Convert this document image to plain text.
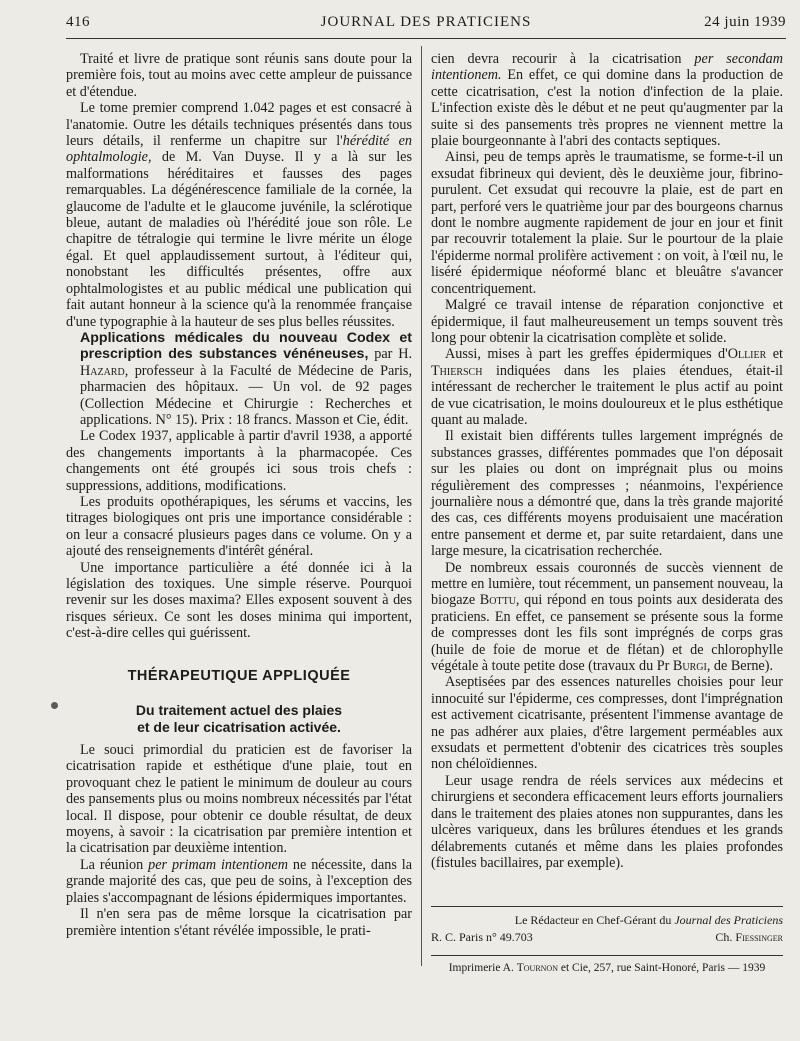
416	JOURNAL DES PRATICIENS	24 juin 1939

Traité et livre de pratique sont réunis sans doute pour la première fois, tout au moins avec cette ampleur de puissance et d'étendue.

Le tome premier comprend 1.042 pages et est consacré à l'anatomie. Outre les détails techniques présentés dans tous leurs détails, il renferme un chapitre sur l'hérédité en ophtalmologie, de M. Van Duyse. Il y a là sur les malformations héréditaires et fausses des pages remarquables. La dégénérescence familiale de la cornée, la glaucome de l'adulte et le glaucome juvénile, la sclérotique bleue, autant de maladies où l'hérédité joue son rôle. Le chapitre de tétralogie qui termine le livre mérite un éloge égal. Et quel applaudissement surtout, à l'éditeur qui, nonobstant les difficultés présentes, offre aux ophtalmologistes et au public médical une publication qui fait autant honneur à la science qu'à la renommée française d'une typographie à la hauteur de ses plus belles réussites.

Applications médicales du nouveau Codex et prescription des substances vénéneuses, par H. Hazard, professeur à la Faculté de Médecine de Paris, pharmacien des hôpitaux. — Un vol. de 92 pages (Collection Médecine et Chirurgie : Recherches et applications. N° 15). Prix : 18 francs. Masson et Cie, édit.

Le Codex 1937, applicable à partir d'avril 1938, a apporté des changements importants à la pharmacopée. Ces changements ont été groupés ici sous trois chefs : suppressions, additions, modifications.

Les produits opothérapiques, les sérums et vaccins, les titrages biologiques ont pris une importance considérable : on leur a consacré plusieurs pages dans ce volume. On y a ajouté des renseignements d'intérêt général.

Une importance particulière a été donnée ici à la législation des toxiques. Une simple réserve. Pourquoi revenir sur les doses maxima? Elles exposent souvent à des risques sérieux. Ce sont les doses minima qui importent, c'est-à-dire celles qui guérissent.

THÉRAPEUTIQUE APPLIQUÉE
Du traitement actuel des plaies
et de leur cicatrisation activée.

Le souci primordial du praticien est de favoriser la cicatrisation rapide et esthétique d'une plaie, tout en provoquant chez le patient le minimum de douleur au cours des pansements plus ou moins nombreux nécessités par l'état local. Il dispose, pour obtenir ce double résultat, de deux moyens, à savoir : la cicatrisation par première intention et la cicatrisation par deuxième intention.

La réunion per primam intentionem ne nécessite, dans la grande majorité des cas, que peu de soins, à l'exception des plaies s'accompagnant de lésions épidermiques importantes.

Il n'en sera pas de même lorsque la cicatrisation par première intention s'étant révélée impossible, le prati-

cien devra recourir à la cicatrisation per secondam intentionem. En effet, ce qui domine dans la production de cette cicatrisation, c'est la notion d'infection de la plaie. L'infection existe dès le début et ne peut qu'augmenter par la suite si des pansements très propres ne viennent mettre la plaie bourgeonnante à l'abri des contacts septiques.

Ainsi, peu de temps après le traumatisme, se forme-t-il un exsudat fibrineux qui devient, dès le deuxième jour, fibrino-purulent. Cet exsudat qui recouvre la plaie, est de part en part, perforé vers le quatrième jour par des bourgeons charnus dont le nombre augmente rapidement de jour en jour et finit par recouvrir totalement la plaie. Sur le pourtour de la plaie l'épiderme normal prolifère activement : on voit, à l'œil nu, le liséré épidermique néoformé blanc et bleuâtre s'avancer concentriquement.

Malgré ce travail intense de réparation conjonctive et épidermique, il faut malheureusement un temps souvent très long pour obtenir la cicatrisation complète et solide.

Aussi, mises à part les greffes épidermiques d'Ollier et Thiersch indiquées dans les plaies étendues, était-il intéressant de rechercher le traitement le plus actif au point de vue cicatrisation, le moins douloureux et le plus esthétique quant au malade.

Il existait bien différents tulles largement imprégnés de substances grasses, différentes pommades que l'on déposait sur les plaies ou dont on imprégnait plus ou moins régulièrement des compresses ; néanmoins, l'expérience journalière nous a démontré que, dans la très grande majorité des cas, ces différents moyens produisaient une macération entre pansement et derme et, par suite retardaient, dans une large mesure, la cicatrisation recherchée.

De nombreux essais couronnés de succès viennent de mettre en lumière, tout récemment, un pansement nouveau, la biogaze Bottu, qui répond en tous points aux desiderata des praticiens. En effet, ce pansement se présente sous la forme de compresses dont les fils sont imprégnés de corps gras (huile de foie de morue et de flétan) et de chlorophylle végétale à toute petite dose (travaux du Pr Burgi, de Berne).

Aseptisées par des essences naturelles choisies pour leur innocuité sur l'épiderme, ces compresses, dont l'imprégnation est activement cicatrisante, présentent l'immense avantage de ne pas adhérer aux plaies, d'être largement perméables aux exsudats et permettent d'obtenir des cicatrices très souples non chéloïdiennes.

Leur usage rendra de réels services aux médecins et chirurgiens et secondera efficacement leurs efforts journaliers dans le traitement des plaies atones non suppurantes, dans les ulcères variqueux, dans les brûlures étendues et les grands délabrements cutanés et même dans les plaies profondes (fistules bacillaires, par exemple).

Le Rédacteur en Chef-Gérant du Journal des Praticiens
R. C. Paris n° 49.703	Ch. Fiessinger
Imprimerie A. Tournon et Cie, 257, rue Saint-Honoré, Paris — 1939
